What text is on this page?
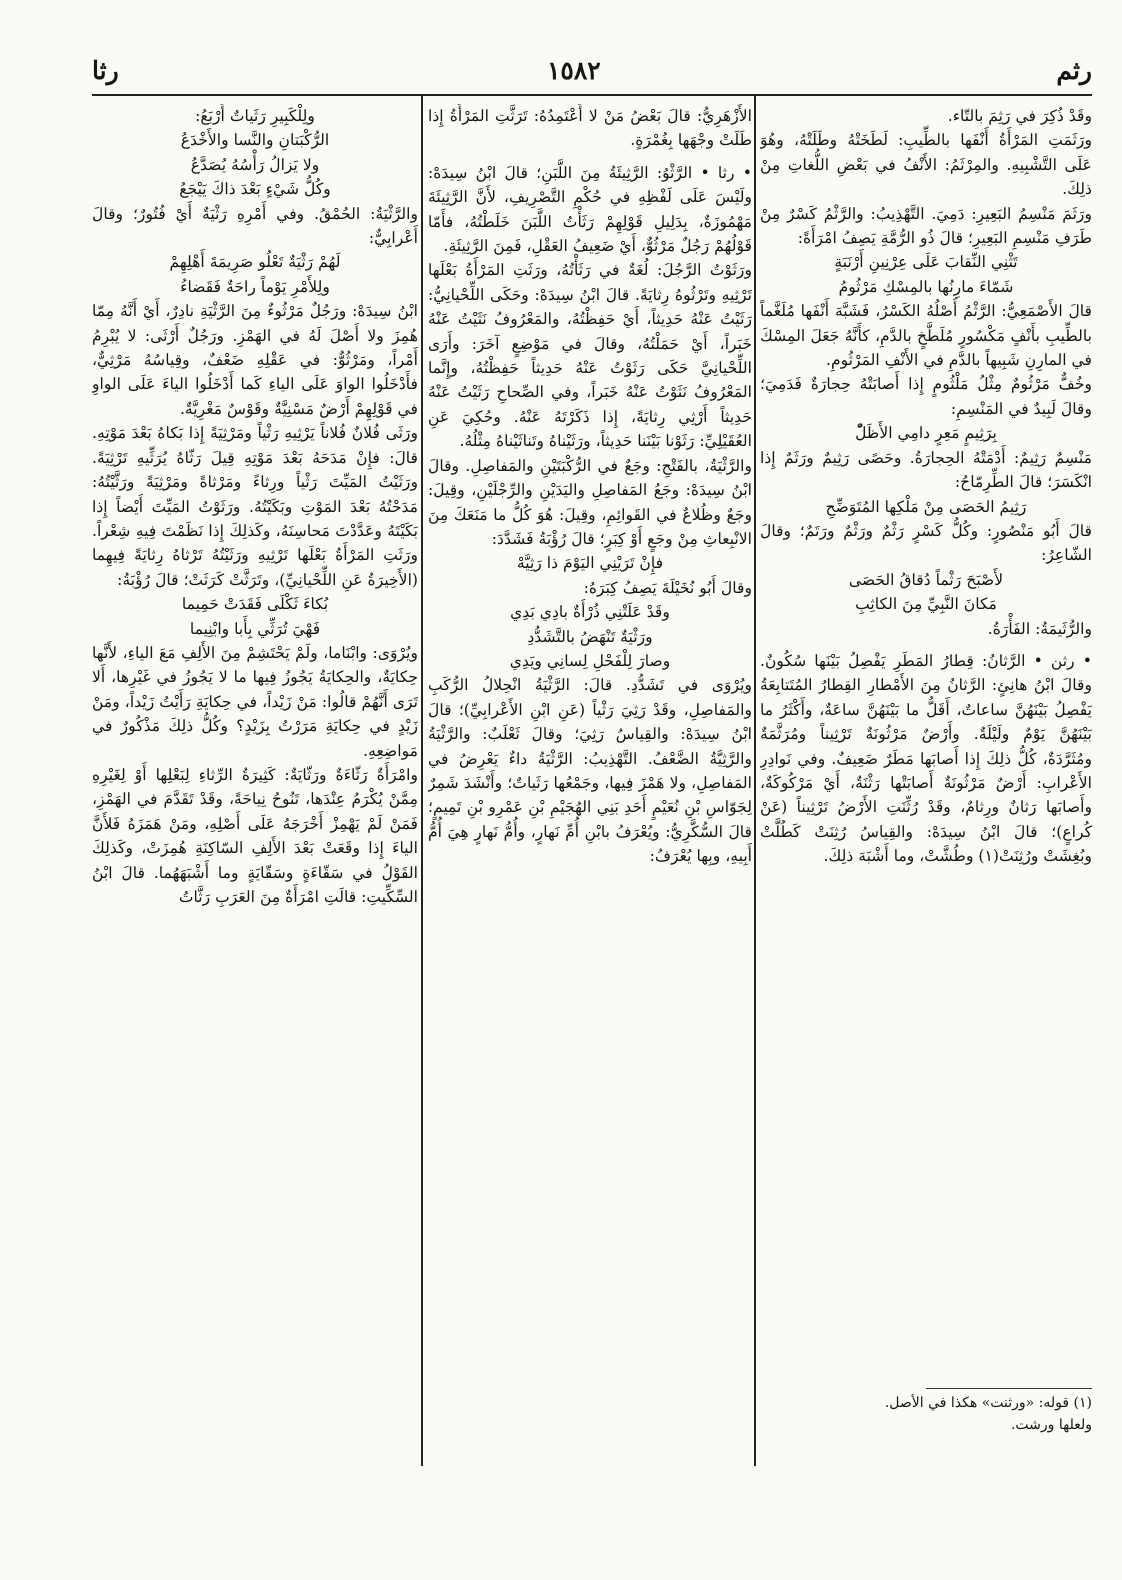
رثا	١٥٨٢	رثم

وقَدْ ذُكِرَ في رَثِمَ بالتّاء.

ورَثَمَتِ المَرْأَةُ أَنْفَها بالطِّيبِ: لَطَخَتْهُ وطَلَتْهُ، وهُوَ عَلَى التَّشْبِيهِ. والمِرْثَمُ: الأَنْفُ في بَعْضِ اللُّغاتِ مِنْ ذلِكَ.

ورَثَمَ مَنْسِمُ البَعِيرِ: دَمِيَ. التَّهْذِيبُ: والرَّثْمُ كَسْرٌ مِنْ طَرَفِ مَنْسِمِ البَعِيرِ؛ قالَ ذُو الرُّمَّةِ يَصِفُ امْرَأَةً:

تَثْنِي النِّقابَ عَلَى عِرْنِينِ أَرْنَبَةٍ

شَمّاءَ مارِنُها بالمِسْكِ مَرْثُومُ

قالَ الأَصْمَعِيُّ: الرَّثْمُ أَصْلُهُ الكَسْرُ، فَشَبَّهَ أَنْفَها مُلَغَّماً بالطِّيبِ بأَنْفٍ مَكْسُورٍ مُلَطَّخٍ بالدَّمِ، كأَنَّهُ جَعَلَ المِسْكَ في المارِنِ شَبِيهاً بالدَّمِ في الأَنْفِ المَرْثُومِ.

وخُفٌّ مَرْثُومٌ مِثْلُ مَلْثُومٍ إِذا أَصابَتْهُ حِجارَةٌ فَدَمِيَ؛ وقالَ لَبِيدٌ في المَنْسِمِ:

بِرَثِيمٍ مَعِرٍ دامِي الأَظَلّْ

مَنْسِمٌ رَثِيمٌ: أَدْمَتْهُ الحِجارَةُ. وحَصًى رَثِيمٌ ورَثَمٌ إِذا انْكَسَرَ؛ قالَ الطِّرِمّاحُ:

رَثِيمُ الحَصَى مِنْ مَلْكِها المُتَوَضِّحِ

قالَ أَبُو مَنْصُورٍ: وكُلُّ كَسْرٍ رَثْمٌ ورَثْمٌ ورَتَمٌ؛ وقالَ الشّاعِرُ:

لأَصْبَحَ رَثْماً دُقاقُ الحَصَى

مَكانَ النَّبِيِّ مِنَ الكاثِبِ

والرُّثَيمَةُ: الفَأْرَةُ.

• رثن • الرَّثانُ: قِطارُ المَطَرِ يَفْصِلُ بَيْنَها سُكُونٌ. وقالَ ابْنُ هانِئٍ: الرَّثانُ مِنَ الأَمْطارِ القِطارُ المُتَتابِعَةُ يَفْصِلُ بَيْنَهُنَّ ساعاتٌ، أَقَلُّ ما بَيْنَهُنَّ ساعَةٌ، وأَكْثَرُ ما بَيْنَهُنَّ يَوْمٌ ولَيْلَةٌ. وأَرْضٌ مَرْثُونَةٌ تَرْثِيناً ومُرَثَّمَةٌ ومُثَرَّدَةٌ، كُلُّ ذلِكَ إِذا أَصابَها مَطَرٌ ضَعِيفٌ. وفي نَوادِرِ الأَعْرابِ: أَرْضٌ مَرْثُونَةٌ أَصابَتْها رَثْنَةٌ، أَيْ مَرْكُوكَةٌ، وأَصابَها رَثانٌ ورِثامٌ، وقَدْ رُثِّنَتِ الأَرْضُ تَرْثِيناً (عَنْ كُراعٍ)؛ قالَ ابْنُ سِيدَهْ: والقِياسُ رُثِنَتْ كَطُلَّتْ وبُغِشَتْ ورُثِنَتْ(١) وطُشَّتْ، وما أَشْبَهَ ذلِكَ.

الأَزْهَرِيُّ: قالَ بَعْضُ مَنْ لا أَعْتَمِدُهُ: تَرَثَّتِ المَرْأَةُ إِذا طَلَتْ وجْهَها بِغُمْرَةٍ.

• رثا • الرَّثْوُ: الرَّثِيئَةُ مِنَ اللَّبَنِ؛ قالَ ابْنُ سِيدَهْ: ولَيْسَ عَلَى لَفْظِهِ في حُكْمِ التَّصْرِيفِ، لأَنَّ الرَّثِيئَةَ مَهْمُوزَةٌ، بِدَلِيلِ قَوْلِهِمْ رَثَأْتُ اللَّبَنَ خَلَطْتُهُ، فأَمّا قَوْلُهُمْ رَجُلٌ مَرْثُوٌّ، أَيْ ضَعِيفُ العَقْلِ، فَمِنَ الرَّثِيئَةِ.

ورَثَوْتُ الرَّجُلَ: لُغَةٌ في رَثَأْتُهُ، ورَثَتِ المَرْأَةُ بَعْلَها تَرْثِيهِ وتَرْثُوهُ رِثايَةً. قالَ ابْنُ سِيدَهْ: وحَكَى اللِّحْيانِيُّ: رَثَيْتُ عَنْهُ حَدِيثاً، أَيْ حَفِظْتُهُ، والمَعْرُوفُ نَثَيْتُ عَنْهُ خَبَراً، أَيْ حَمَلْتُهُ، وقالَ في مَوْضِعٍ آخَرَ: وأَرَى اللِّحْيانِيَّ حَكَى رَثَوْتُ عَنْهُ حَدِيثاً حَفِظْتُهُ، وإِنَّما المَعْرُوفُ نَثَوْتُ عَنْهُ خَبَراً، وفي الصِّحاحِ رَثَيْتُ عَنْهُ حَدِيثاً أَرْثِي رِثايَةً، إِذا ذَكَرْتَهُ عَنْهُ. وحُكِيَ عَنِ العُقَيْلِيِّ: رَثَوْنا بَيْنَنا حَدِيثاً، ورَثَيْناهُ وتَناثَيْناهُ مِثْلُهُ.

والرَّثْيَةُ، بالفَتْحِ: وجَعٌ في الرُّكْبَتَيْنِ والمَفاصِلِ. وقالَ ابْنُ سِيدَهْ: وجَعُ المَفاصِلِ واليَدَيْنِ والرِّجْلَيْنِ، وقِيلَ: وجَعٌ وظُلاعٌ في القَوائِمِ، وقِيلَ: هُوَ كُلُّ ما مَنَعَكَ مِنَ الانْبِعاثِ مِنْ وجَعٍ أَوْ كِبَرٍ؛ قالَ رُؤْبَةُ فَشَدَّدَ:

فإِنْ تَرَيْنِي اليَوْمَ ذا رَثِيَّهْ

وقالَ أَبُو نُخَيْلَةَ يَصِفُ كِبَرَهُ:

وقَدْ عَلَتْنِي ذُرْأَةٌ بادِي بَدِي

ورَثْيَةٌ تَنْهَضُ بالتَّشَدُّدِ

وصارَ لِلْفَحْلِ لِسانِي ويَدِي

ويُرْوَى في تَشَدُّدِ. قالَ: الرَّثْيَةُ انْحِلالُ الرُّكَبِ والمَفاصِلِ، وقَدْ رَثِيَ رَثْياً (عَنِ ابْنِ الأَعْرابِيِّ)؛ قالَ ابْنُ سِيدَهْ: والقِياسُ رَثِيَ؛ وقالَ ثَعْلَبٌ: والرَّثْيَةُ والرَّثِيَّةُ الضَّعْفُ. التَّهْذِيبُ: الرَّثْيَةُ داءٌ يَعْرِضُ في المَفاصِلِ، ولا هَمْزَ فِيها، وجَمْعُها رَثَياتٌ؛ وأَنْشَدَ شَمِرٌ لِجَوّاسِ بْنِ نُعَيْمٍ أَحَدِ بَنِي الهُجَيْمِ بْنِ عَمْرِو بْنِ تَمِيمٍ؛ قالَ السُّكَّرِيُّ: ويُعْرَفُ بابْنِ أُمِّ نَهارٍ، وأُمُّ نَهارٍ هِيَ أُمُّ أَبِيهِ، وبِها يُعْرَفُ:

ولِلْكَبِيرِ رَثَياتٌ أَرْبَعُ:

الرُّكْبَتانِ والنَّسا والأَخْدَعُ

ولا يَزالُ رَأْسُهُ يُصَدَّعُ

وكُلُّ شَيْءٍ بَعْدَ ذاكَ يَيْجَعُ

والرَّثْيَةُ: الحُمْقُ. وفي أَمْرِهِ رَثْيَةٌ أَيْ فُتُورٌ؛ وقالَ أَعْرابِيٌّ:

لَهُمْ رَثْيَةٌ تَعْلُو صَرِيمَةَ أَهْلِهِمْ

ولِلأَمْرِ يَوْماً راحَةٌ فَقَضاءُ

ابْنُ سِيدَهْ: ورَجُلٌ مَرْثُوءٌ مِنَ الرَّثْيَةِ نادِرٌ، أَيْ أَنَّهُ مِمّا هُمِزَ ولا أَصْلَ لَهُ في الهَمْزِ. ورَجُلٌ أَرْثَى: لا يُبْرِمُ أَمْراً، ومَرْثُوٌّ: في عَقْلِهِ ضَعْفٌ، وقِياسُهُ مَرْثِيٌّ، فأَدْخَلُوا الواوَ عَلَى الياءِ كَما أَدْخَلُوا الياءَ عَلَى الواوِ في قَوْلِهِمْ أَرْضٌ مَسْنِيَّةٌ وقَوْسٌ مَغْرِيَّةٌ.

ورَثَى فُلانٌ فُلاناً يَرْثِيهِ رَثْياً ومَرْثِيَةً إِذا بَكاهُ بَعْدَ مَوْتِهِ. قالَ: فإِنْ مَدَحَهُ بَعْدَ مَوْتِهِ قِيلَ رَثّاهُ يُرَثِّيهِ تَرْثِيَةً. ورَثَيْتُ المَيِّتَ رَثْياً ورِثاءً ومَرْثاةً ومَرْثِيَةً ورَثَّيْتُهُ: مَدَحْتُهُ بَعْدَ المَوْتِ وبَكَيْتُهُ. ورَثَوْتُ المَيِّتَ أَيْضاً إِذا بَكَيْتَهُ وعَدَّدْتَ مَحاسِنَهُ، وكَذلِكَ إِذا نَظَمْتَ فِيهِ شِعْراً. ورَثَتِ المَرْأَةُ بَعْلَها تَرْثِيهِ ورَثَيْتُهُ تَرْثاهُ رِثايَةً فِيهِما (الأَخِيرَةُ عَنِ اللِّحْيانِيِّ)، وتَرَثَّتْ كَرَثَتْ؛ قالَ رُؤْبَةُ:

بُكاءَ ثَكْلَى فَقَدَتْ حَمِيما

فَهْيَ تُرَثِّي بِأَبا وابْنِيما

ويُرْوَى: وابْنَاما، ولَمْ يَحْتَشِمْ مِنَ الأَلِفِ مَعَ الياءِ، لأَنَّها حِكايَةٌ، والحِكايَةُ يَجُوزُ فِيها ما لا يَجُوزُ في غَيْرِها، أَلا تَرَى أَنَّهُمْ قالُوا: مَنْ زَيْداً، في حِكايَةِ رَأَيْتُ زَيْداً، ومَنْ زَيْدٍ في حِكايَةِ مَرَرْتُ بِزَيْدٍ؟ وكُلُّ ذلِكَ مَذْكُورٌ في مَواضِعِهِ.

وامْرَأَةٌ رَثّاءَةٌ ورَثّايَةٌ: كَثِيرَةُ الرِّثاءِ لِبَعْلِها أَوْ لِغَيْرِهِ مِمَّنْ يُكْرَمُ عِنْدَها، تَنُوحُ نِياحَةً، وقَدْ تَقَدَّمَ في الهَمْزِ، فَمَنْ لَمْ يَهْمِزْ أَخْرَجَهُ عَلَى أَصْلِهِ، ومَنْ هَمَزَهُ فَلأَنَّ الياءَ إِذا وقَعَتْ بَعْدَ الأَلِفِ السّاكِنَةِ هُمِزَتْ، وكَذلِكَ القَوْلُ في سَقّاءَةٍ وسَقّايَةٍ وما أَشْبَهَهُما. قالَ ابْنُ السِّكِّيتِ: قالَتِ امْرَأَةٌ مِنَ العَرَبِ رَثَّاتُ

(١) قوله: «ورثنت» هكذا في الأصل.
ولعلها ورشت.
